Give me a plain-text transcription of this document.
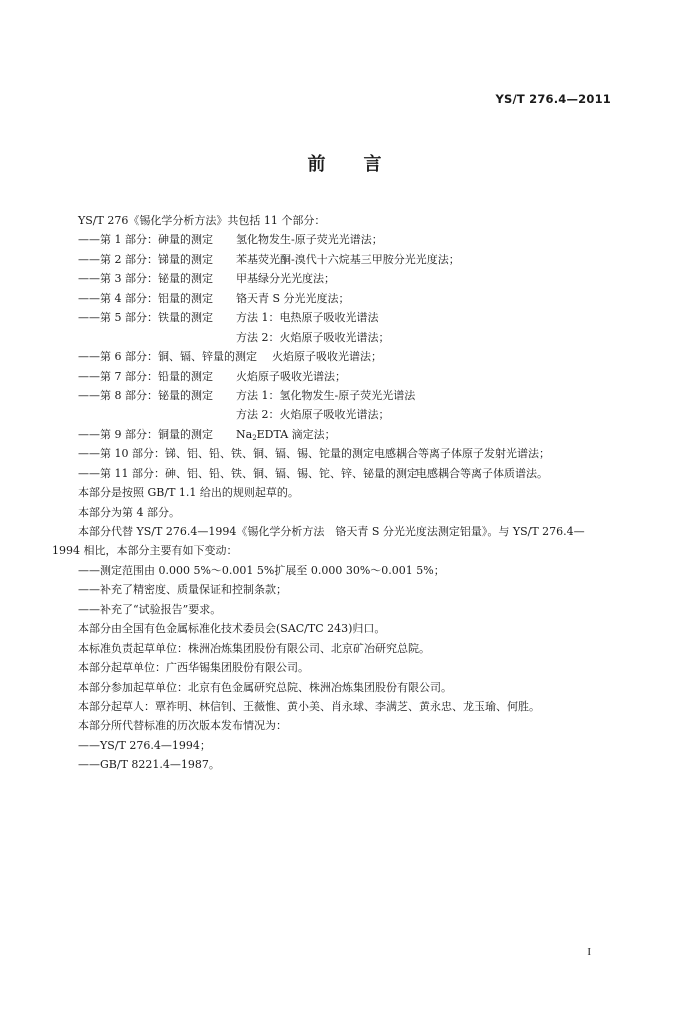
YS/T 276.4—2011
前言
YS/T 276《锡化学分析方法》共包括 11 个部分：
——第 1 部分：砷量的测定 氢化物发生-原子荧光光谱法；
——第 2 部分：锑量的测定 苯基荧光酮-溴代十六烷基三甲胺分光光度法；
——第 3 部分：铋量的测定 甲基绿分光光度法；
——第 4 部分：铝量的测定 铬天青 S 分光光度法；
——第 5 部分：铁量的测定 方法 1：电热原子吸收光谱法
方法 2：火焰原子吸收光谱法；
——第 6 部分：铜、镉、锌量的测定 火焰原子吸收光谱法；
——第 7 部分：铅量的测定 火焰原子吸收光谱法；
——第 8 部分：铋量的测定 方法 1：氢化物发生-原子荧光光谱法
方法 2：火焰原子吸收光谱法；
——第 9 部分：铜量的测定 $Na_2EDTA$ 滴定法；
——第 10 部分：锑、铝、铅、铁、铜、镉、锡、铊量的测定电感耦合等离子体原子发射光谱法；
——第 11 部分：砷、铝、铅、铁、铜、镉、锡、铊、锌、铋量的测定电感耦合等离子体质谱法。
本部分是按照 GB/T 1.1 给出的规则起草的。
本部分为第 4 部分。
本部分代替 YS/T 276.4—1994《锡化学分析方法　铬天青 S 分光光度法测定铝量》。与 YS/T 276.4—
1994 相比，本部分主要有如下变动：
——测定范围由 0.000 5%～0.001 5%扩展至 0.000 30%～0.001 5%；
——补充了精密度、质量保证和控制条款；
——补充了“试验报告”要求。
本部分由全国有色金属标准化技术委员会(SAC/TC 243)归口。
本标准负责起草单位：株洲冶炼集团股份有限公司、北京矿冶研究总院。
本部分起草单位：广西华锡集团股份有限公司。
本部分参加起草单位：北京有色金属研究总院、株洲冶炼集团股份有限公司。
本部分起草人：覃祚明、林信钊、王薇惟、黄小美、肖永球、李满芝、黄永忠、龙玉瑜、何胜。
本部分所代替标准的历次版本发布情况为：
——YS/T 276.4—1994；
——GB/T 8221.4—1987。
I
